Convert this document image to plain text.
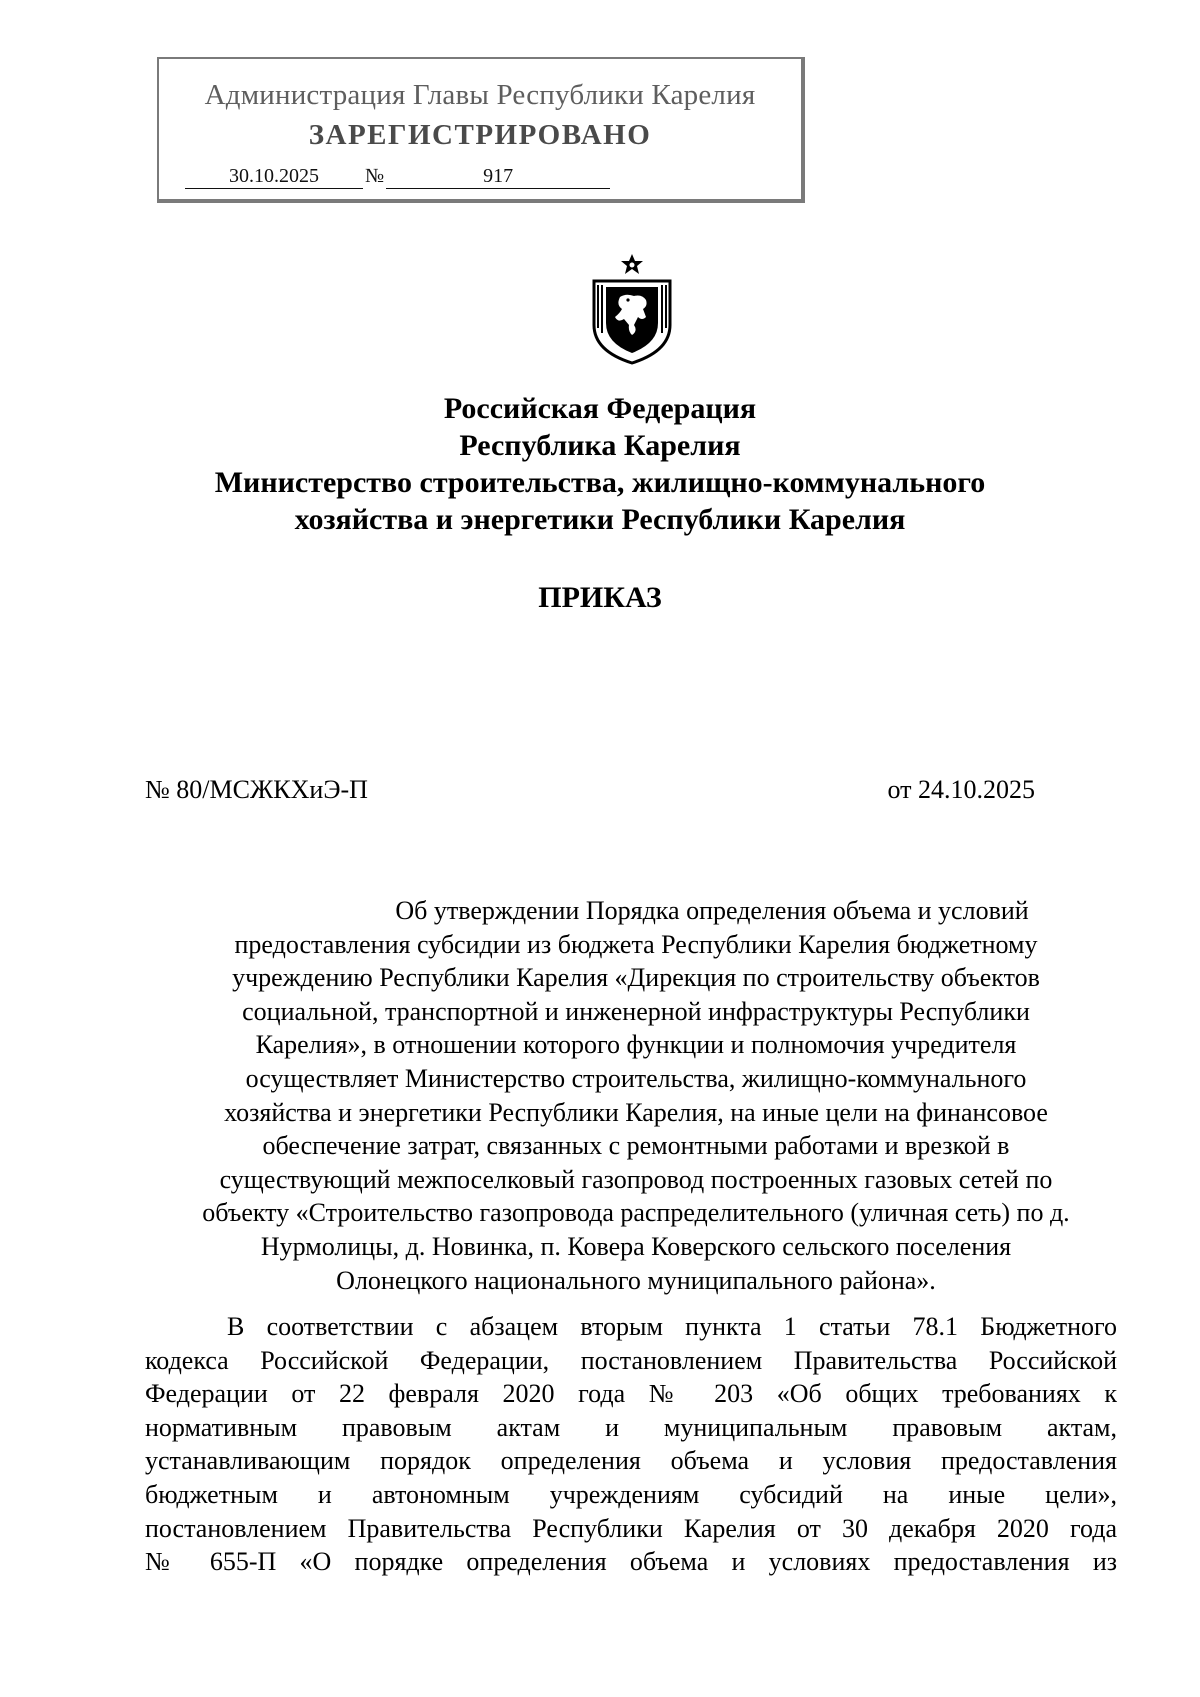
Администрация Главы Республики Карелия
ЗАРЕГИСТРИРОВАНО
30.10.2025 №	917
Российская Федерация
Республика Карелия
Министерство строительства, жилищно-коммунального
хозяйства и энергетики Республики Карелия
ПРИКАЗ
№ 80/МСЖКХиЭ-П	от 24.10.2025
Об утверждении Порядка определения объема и условий
предоставления субсидии из бюджета Республики Карелия бюджетному
учреждению Республики Карелия «Дирекция по строительству объектов
социальной, транспортной и инженерной инфраструктуры Республики
Карелия», в отношении которого функции и полномочия учредителя
осуществляет Министерство строительства, жилищно-коммунального
хозяйства и энергетики Республики Карелия, на иные цели на финансовое
обеспечение затрат, связанных с ремонтными работами и врезкой в
существующий межпоселковый газопровод построенных газовых сетей по
объекту «Строительство газопровода распределительного (уличная сеть) по д.
Нурмолицы, д. Новинка, п. Ковера Коверского сельского поселения
Олонецкого национального муниципального района».
В соответствии с абзацем вторым пункта 1 статьи 78.1 Бюджетного
кодекса Российской Федерации, постановлением Правительства Российской
Федерации от 22 февраля 2020 года № 203 «Об общих требованиях к
нормативным правовым актам и муниципальным правовым актам,
устанавливающим порядок определения объема и условия предоставления
бюджетным и автономным учреждениям субсидий на иные цели»,
постановлением Правительства Республики Карелия от 30 декабря 2020 года
№ 655-П «О порядке определения объема и условиях предоставления из
